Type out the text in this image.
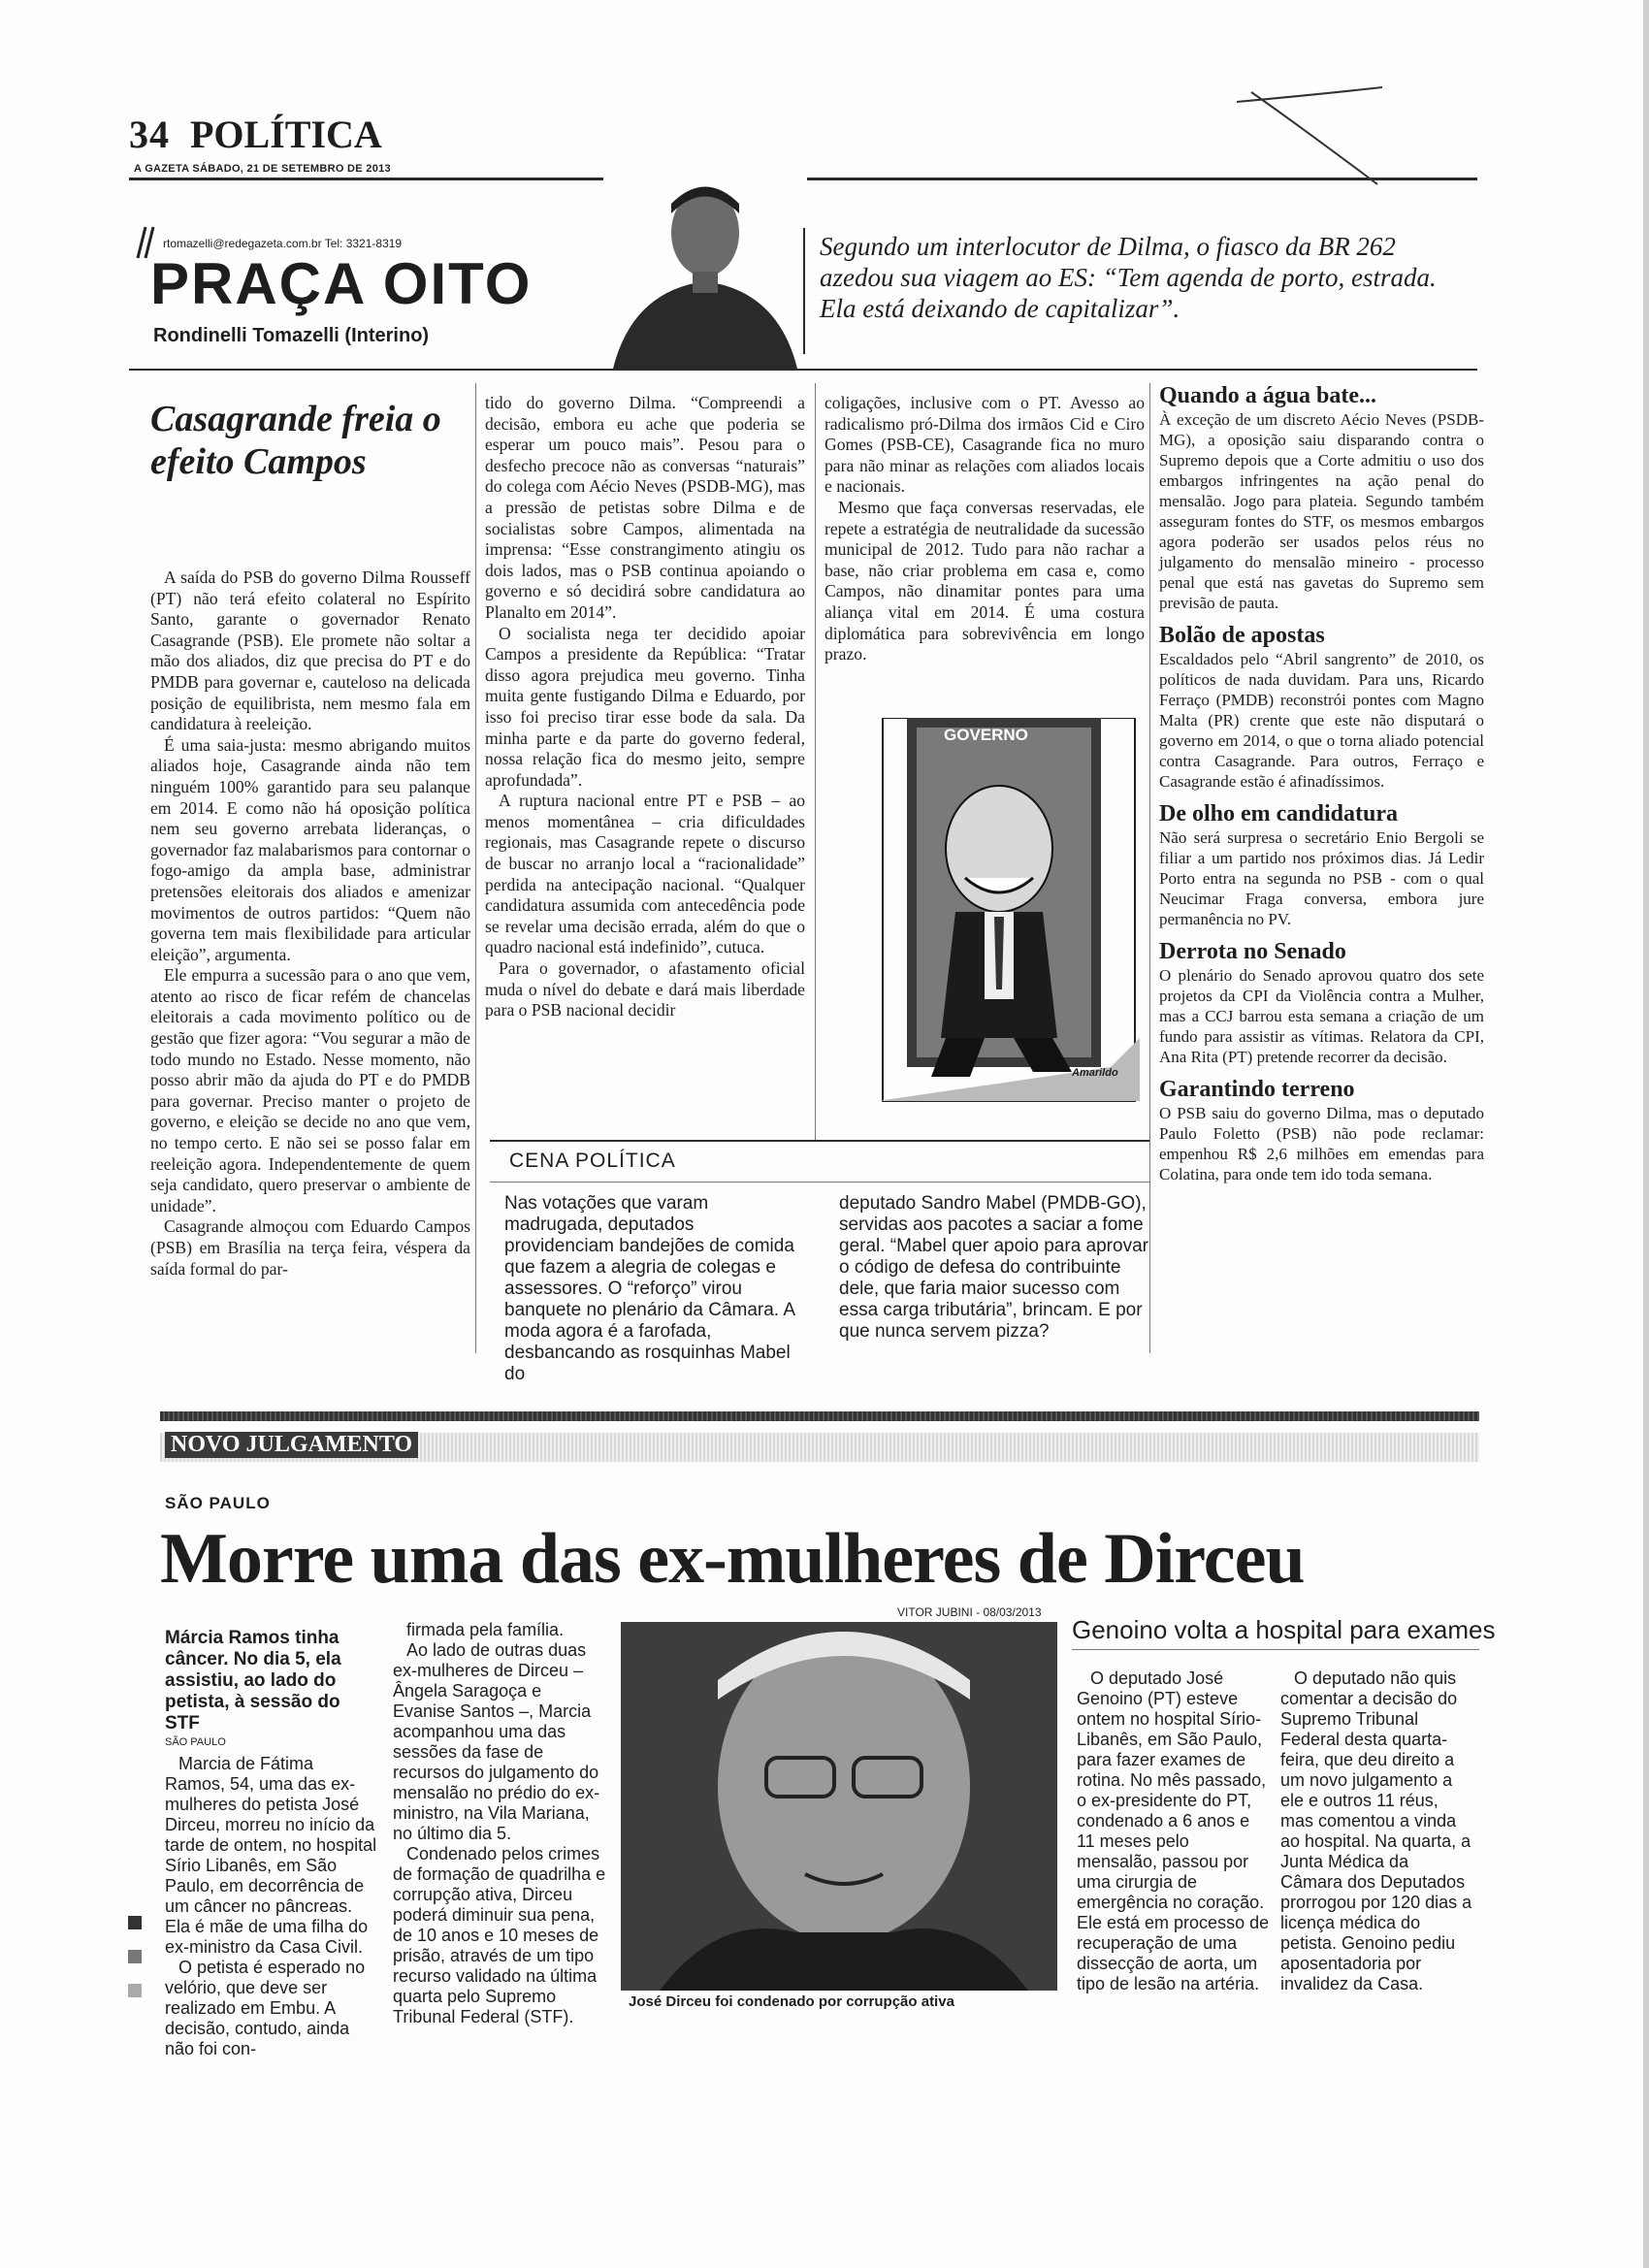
34 POLÍTICA
A GAZETA SÁBADO, 21 DE SETEMBRO DE 2013
rtomazelli@redegazeta.com.br Tel: 3321-8319
PRAÇA OITO
Rondinelli Tomazelli (Interino)
Segundo um interlocutor de Dilma, o fiasco da BR 262 azedou sua viagem ao ES: “Tem agenda de porto, estrada. Ela está deixando de capitalizar”.
Casagrande freia o efeito Campos

A saída do PSB do governo Dilma Rousseff (PT) não terá efeito colateral no Espírito Santo, garante o governador Renato Casagrande (PSB). Ele promete não soltar a mão dos aliados, diz que precisa do PT e do PMDB para governar e, cauteloso na delicada posição de equilibrista, nem mesmo fala em candidatura à reeleição.

É uma saia-justa: mesmo abrigando muitos aliados hoje, Casagrande ainda não tem ninguém 100% garantido para seu palanque em 2014. E como não há oposição política nem seu governo arrebata lideranças, o governador faz malabarismos para contornar o fogo-amigo da ampla base, administrar pretensões eleitorais dos aliados e amenizar movimentos de outros partidos: “Quem não governa tem mais flexibilidade para articular eleição”, argumenta.

Ele empurra a sucessão para o ano que vem, atento ao risco de ficar refém de chancelas eleitorais a cada movimento político ou de gestão que fizer agora: “Vou segurar a mão de todo mundo no Estado. Nesse momento, não posso abrir mão da ajuda do PT e do PMDB para governar. Preciso manter o projeto de governo, e eleição se decide no ano que vem, no tempo certo. E não sei se posso falar em reeleição agora. Independentemente de quem seja candidato, quero preservar o ambiente de unidade”.

Casagrande almoçou com Eduardo Campos (PSB) em Brasília na terça feira, véspera da saída formal do par-

tido do governo Dilma. “Compreendi a decisão, embora eu ache que poderia se esperar um pouco mais”. Pesou para o desfecho precoce não as conversas “naturais” do colega com Aécio Neves (PSDB-MG), mas a pressão de petistas sobre Dilma e de socialistas sobre Campos, alimentada na imprensa: “Esse constrangimento atingiu os dois lados, mas o PSB continua apoiando o governo e só decidirá sobre candidatura ao Planalto em 2014”.

O socialista nega ter decidido apoiar Campos a presidente da República: “Tratar disso agora prejudica meu governo. Tinha muita gente fustigando Dilma e Eduardo, por isso foi preciso tirar esse bode da sala. Da minha parte e da parte do governo federal, nossa relação fica do mesmo jeito, sempre aprofundada”.

A ruptura nacional entre PT e PSB – ao menos momentânea – cria dificuldades regionais, mas Casagrande repete o discurso de buscar no arranjo local a “racionalidade” perdida na antecipação nacional. “Qualquer candidatura assumida com antecedência pode se revelar uma decisão errada, além do que o quadro nacional está indefinido”, cutuca.

Para o governador, o afastamento oficial muda o nível do debate e dará mais liberdade para o PSB nacional decidir

coligações, inclusive com o PT. Avesso ao radicalismo pró-Dilma dos irmãos Cid e Ciro Gomes (PSB-CE), Casagrande fica no muro para não minar as relações com aliados locais e nacionais.

Mesmo que faça conversas reservadas, ele repete a estratégia de neutralidade da sucessão municipal de 2012. Tudo para não rachar a base, não criar problema em casa e, como Campos, não dinamitar pontes para uma aliança vital em 2014. É uma costura diplomática para sobrevivência em longo prazo.

GOVERNO
Amarildo
CENA POLÍTICA
Nas votações que varam madrugada, deputados providenciam bandejões de comida que fazem a alegria de colegas e assessores. O “reforço” virou banquete no plenário da Câmara. A moda agora é a farofada, desbancando as rosquinhas Mabel do
deputado Sandro Mabel (PMDB-GO), servidas aos pacotes a saciar a fome geral. “Mabel quer apoio para aprovar o código de defesa do contribuinte dele, que faria maior sucesso com essa carga tributária”, brincam. E por que nunca servem pizza?
Quando a água bate...
À exceção de um discreto Aécio Neves (PSDB-MG), a oposição saiu disparando contra o Supremo depois que a Corte admitiu o uso dos embargos infringentes na ação penal do mensalão. Jogo para plateia. Segundo também asseguram fontes do STF, os mesmos embargos agora poderão ser usados pelos réus no julgamento do mensalão mineiro - processo penal que está nas gavetas do Supremo sem previsão de pauta.
Bolão de apostas
Escaldados pelo “Abril sangrento” de 2010, os políticos de nada duvidam. Para uns, Ricardo Ferraço (PMDB) reconstrói pontes com Magno Malta (PR) crente que este não disputará o governo em 2014, o que o torna aliado potencial contra Casagrande. Para outros, Ferraço e Casagrande estão é afinadíssimos.
De olho em candidatura
Não será surpresa o secretário Enio Bergoli se filiar a um partido nos próximos dias. Já Ledir Porto entra na segunda no PSB - com o qual Neucimar Fraga conversa, embora jure permanência no PV.
Derrota no Senado
O plenário do Senado aprovou quatro dos sete projetos da CPI da Violência contra a Mulher, mas a CCJ barrou esta semana a criação de um fundo para assistir as vítimas. Relatora da CPI, Ana Rita (PT) pretende recorrer da decisão.
Garantindo terreno
O PSB saiu do governo Dilma, mas o deputado Paulo Foletto (PSB) não pode reclamar: empenhou R$ 2,6 milhões em emendas para Colatina, para onde tem ido toda semana.
NOVO JULGAMENTO
SÃO PAULO
Morre uma das ex-mulheres de Dirceu
Márcia Ramos tinha câncer. No dia 5, ela assistiu, ao lado do petista, à sessão do STF
SÃO PAULO

Marcia de Fátima Ramos, 54, uma das ex-mulheres do petista José Dirceu, morreu no início da tarde de ontem, no hospital Sírio Libanês, em São Paulo, em decorrência de um câncer no pâncreas. Ela é mãe de uma filha do ex-ministro da Casa Civil.

O petista é esperado no velório, que deve ser realizado em Embu. A decisão, contudo, ainda não foi con-

firmada pela família.

Ao lado de outras duas ex-mulheres de Dirceu – Ângela Saragoça e Evanise Santos –, Marcia acompanhou uma das sessões da fase de recursos do julgamento do mensalão no prédio do ex-ministro, na Vila Mariana, no último dia 5.

Condenado pelos crimes de formação de quadrilha e corrupção ativa, Dirceu poderá diminuir sua pena, de 10 anos e 10 meses de prisão, através de um tipo recurso validado na última quarta pelo Supremo Tribunal Federal (STF).

VITOR JUBINI - 08/03/2013
José Dirceu foi condenado por corrupção ativa
Genoino volta a hospital para exames
O deputado José Genoino (PT) esteve ontem no hospital Sírio-Libanês, em São Paulo, para fazer exames de rotina. No mês passado, o ex-presidente do PT, condenado a 6 anos e 11 meses pelo mensalão, passou por uma cirurgia de emergência no coração. Ele está em processo de recuperação de uma dissecção de aorta, um tipo de lesão na artéria.
O deputado não quis comentar a decisão do Supremo Tribunal Federal desta quarta-feira, que deu direito a um novo julgamento a ele e outros 11 réus, mas comentou a vinda ao hospital. Na quarta, a Junta Médica da Câmara dos Deputados prorrogou por 120 dias a licença médica do petista. Genoino pediu aposentadoria por invalidez da Casa.
